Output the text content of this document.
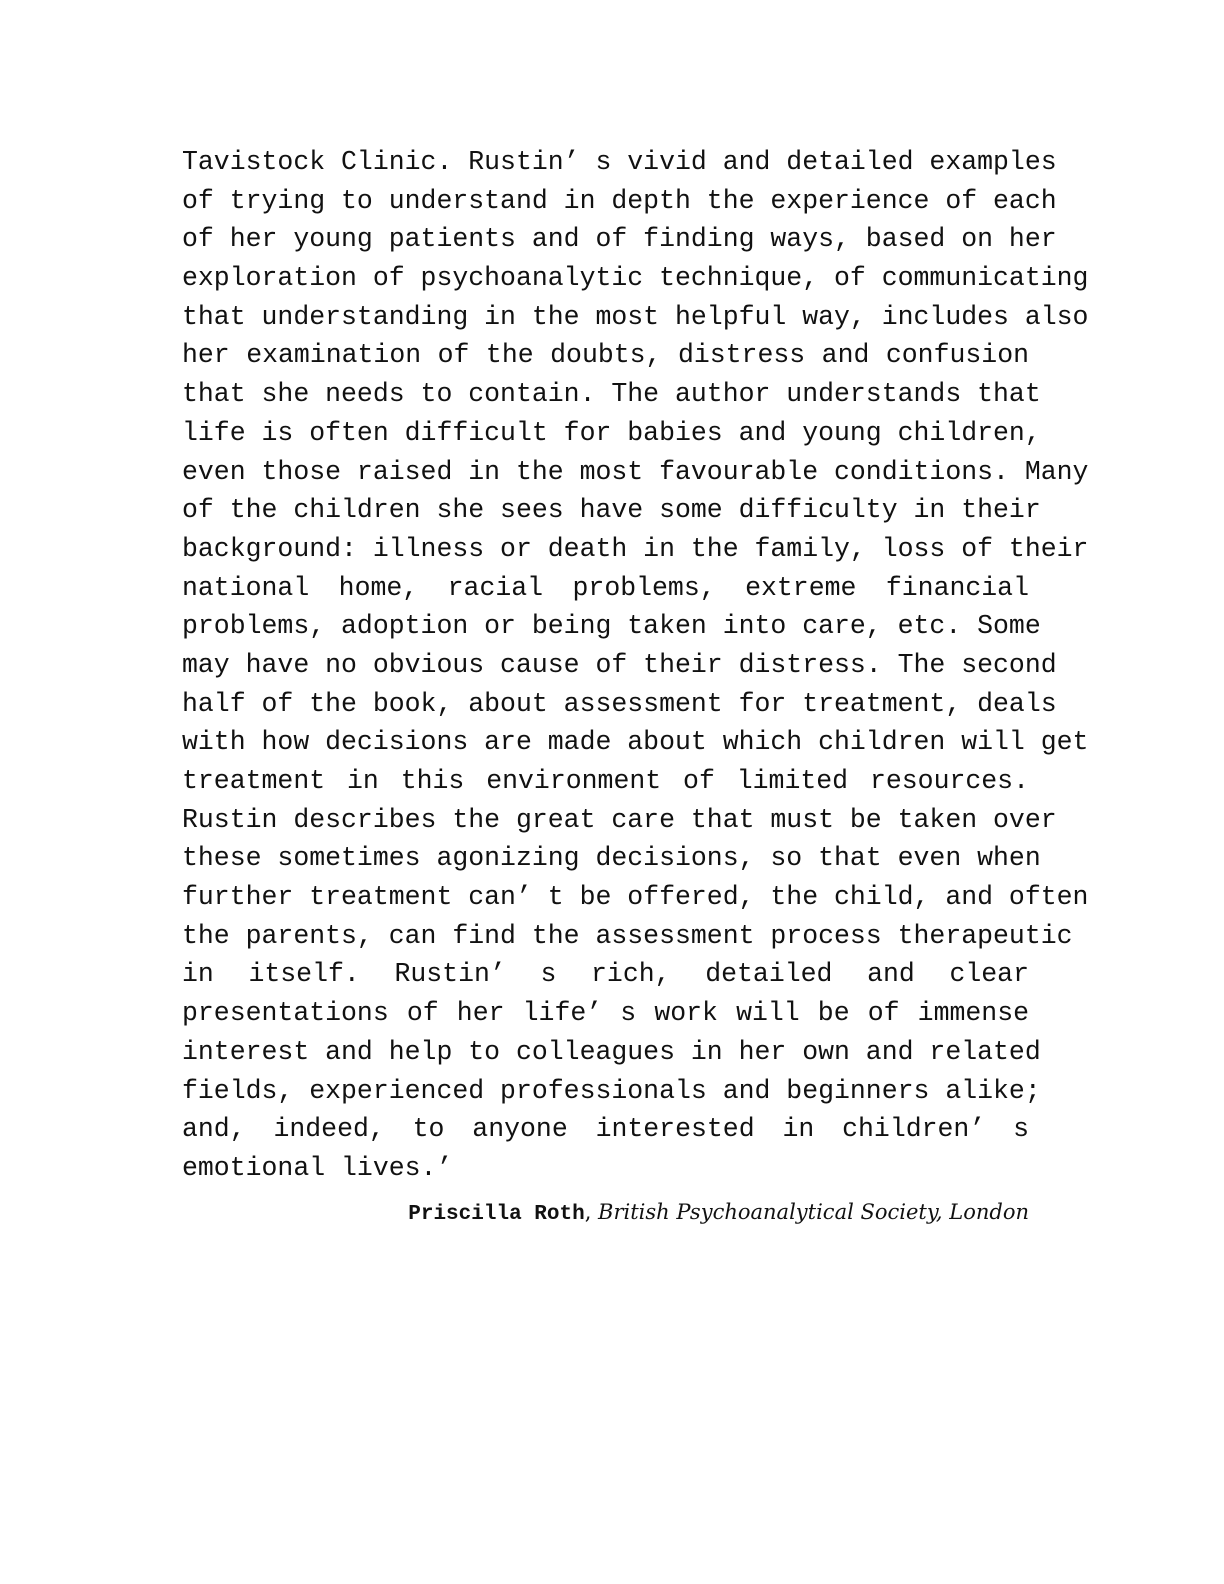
Tavistock Clinic. Rustin’ s vivid and detailed examples
of trying to understand in depth the experience of each
of her young patients and of finding ways, based on her
exploration of psychoanalytic technique, of communicating
that understanding in the most helpful way, includes also
her examination of the doubts, distress and confusion
that she needs to contain. The author understands that
life is often difficult for babies and young children,
even those raised in the most favourable conditions. Many
of the children she sees have some difficulty in their
background: illness or death in the family, loss of their
national home, racial problems, extreme financial
problems, adoption or being taken into care, etc. Some
may have no obvious cause of their distress. The second
half of the book, about assessment for treatment, deals
with how decisions are made about which children will get
treatment in this environment of limited resources.
Rustin describes the great care that must be taken over
these sometimes agonizing decisions, so that even when
further treatment can’ t be offered, the child, and often
the parents, can find the assessment process therapeutic
in itself. Rustin’ s rich, detailed and clear
presentations of her life’ s work will be of immense
interest and help to colleagues in her own and related
fields, experienced professionals and beginners alike;
and, indeed, to anyone interested in children’ s
emotional lives.’
Priscilla Roth, British Psychoanalytical Society, London
